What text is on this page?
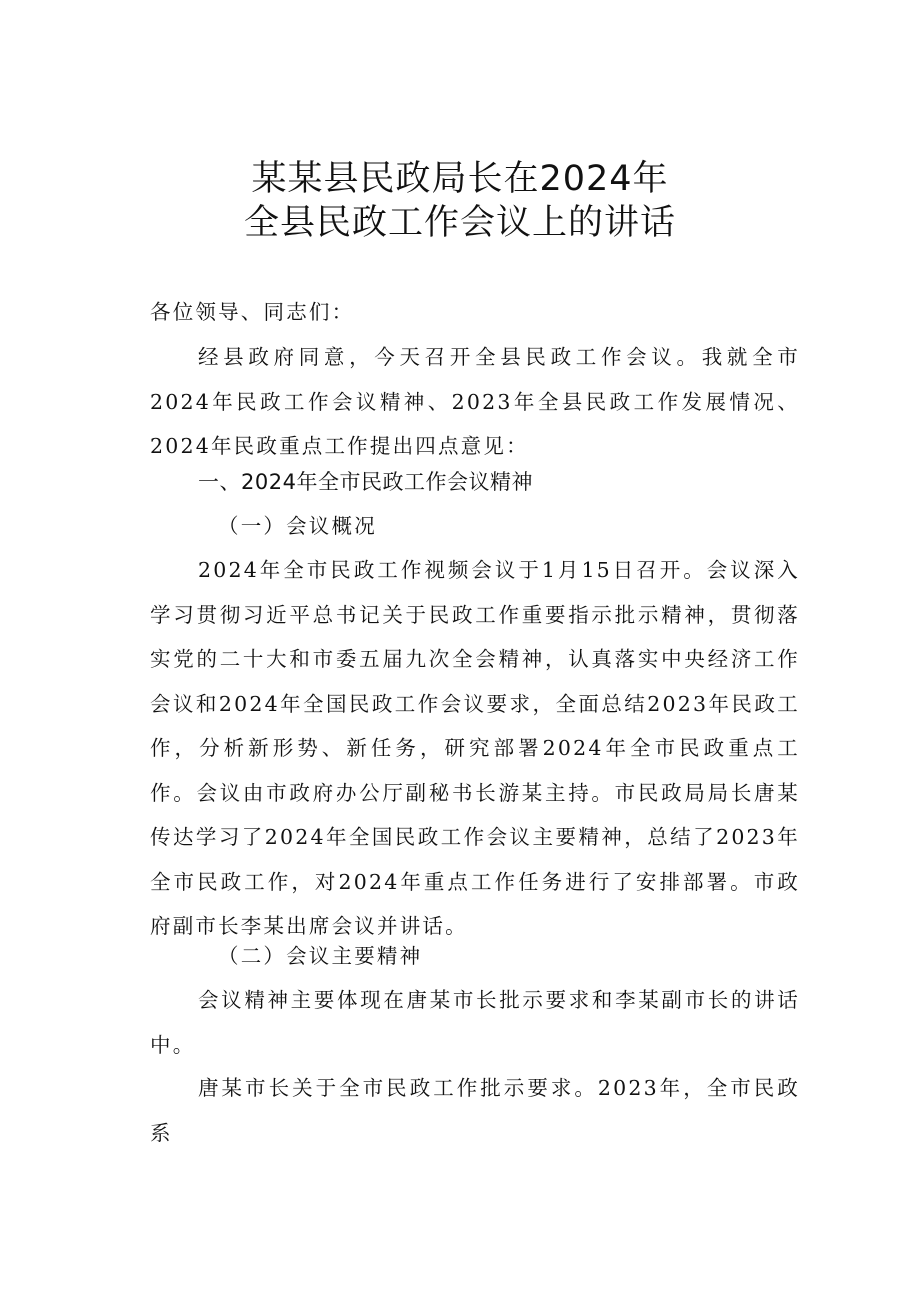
某某县民政局长在2024年
全县民政工作会议上的讲话
各位领导、同志们：
经县政府同意，今天召开全县民政工作会议。我就全市2024年民政工作会议精神、2023年全县民政工作发展情况、2024年民政重点工作提出四点意见：
一、2024年全市民政工作会议精神
（一）会议概况
2024年全市民政工作视频会议于1月15日召开。会议深入学习贯彻习近平总书记关于民政工作重要指示批示精神，贯彻落实党的二十大和市委五届九次全会精神，认真落实中央经济工作会议和2024年全国民政工作会议要求，全面总结2023年民政工作，分析新形势、新任务，研究部署2024年全市民政重点工作。会议由市政府办公厅副秘书长游某主持。市民政局局长唐某传达学习了2024年全国民政工作会议主要精神，总结了2023年全市民政工作，对2024年重点工作任务进行了安排部署。市政府副市长李某出席会议并讲话。
（二）会议主要精神
会议精神主要体现在唐某市长批示要求和李某副市长的讲话中。
唐某市长关于全市民政工作批示要求。2023年，全市民政系
